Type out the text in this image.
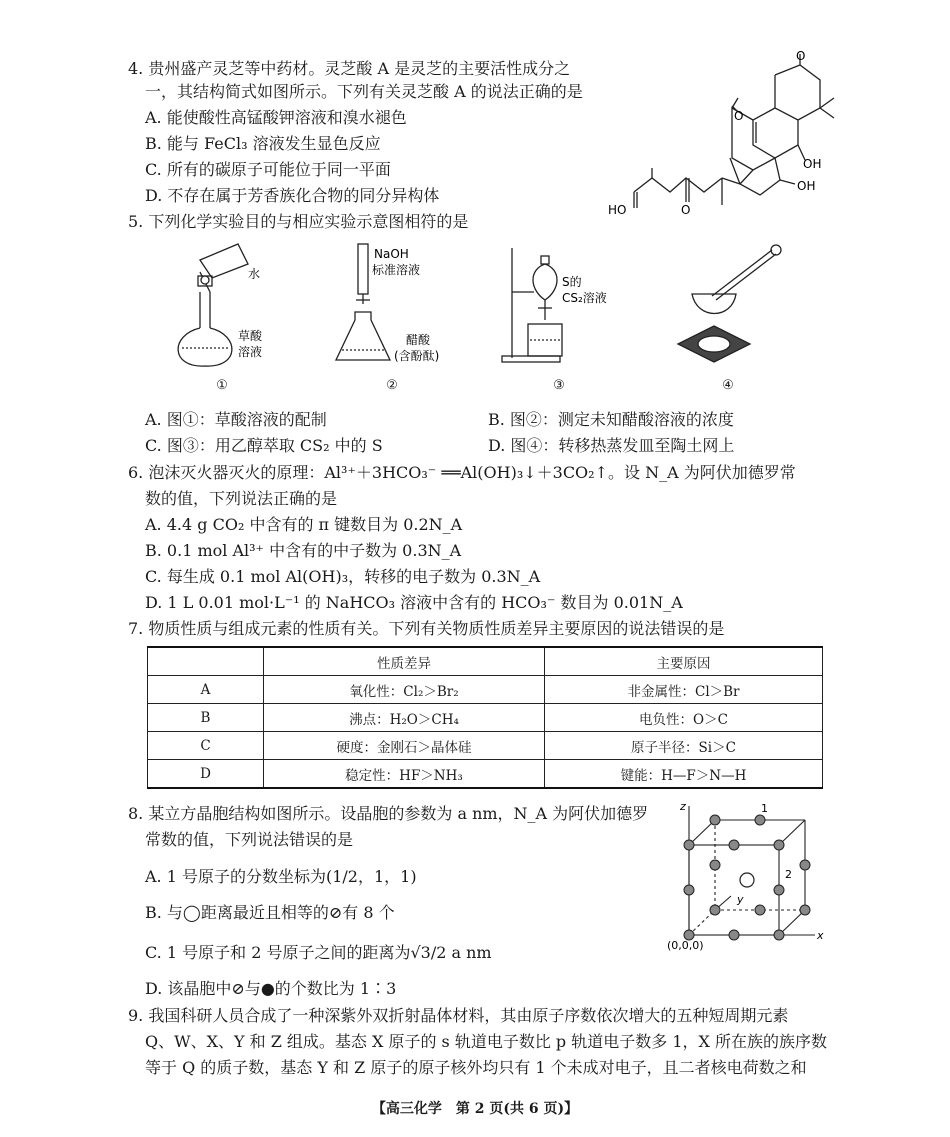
4. 贵州盛产灵芝等中药材。灵芝酸 A 是灵芝的主要活性成分之
一，其结构简式如图所示。下列有关灵芝酸 A 的说法正确的是
A. 能使酸性高锰酸钾溶液和溴水褪色
B. 能与 FeCl₃ 溶液发生显色反应
C. 所有的碳原子可能位于同一平面
D. 不存在属于芳香族化合物的同分异构体
O
O
OH
OH
O
HO
5. 下列化学实验目的与相应实验示意图相符的是
水
草酸
溶液
①
NaOH
标准溶液
醋酸
(含酚酞)
②
S的
CS₂溶液
③	④
A. 图①：草酸溶液的配制	B. 图②：测定未知醋酸溶液的浓度
C. 图③：用乙醇萃取 CS₂ 中的 S	D. 图④：转移热蒸发皿至陶土网上
6. 泡沫灭火器灭火的原理：Al³⁺＋3HCO₃⁻ ══Al(OH)₃↓＋3CO₂↑。设 N_A 为阿伏加德罗常
数的值，下列说法正确的是
A. 4.4 g CO₂ 中含有的 π 键数目为 0.2N_A
B. 0.1 mol Al³⁺ 中含有的中子数为 0.3N_A
C. 每生成 0.1 mol Al(OH)₃，转移的电子数为 0.3N_A
D. 1 L 0.01 mol·L⁻¹ 的 NaHCO₃ 溶液中含有的 HCO₃⁻ 数目为 0.01N_A
7. 物质性质与组成元素的性质有关。下列有关物质性质差异主要原因的说法错误的是
	性质差异	主要原因
A	氧化性：Cl₂＞Br₂	非金属性：Cl＞Br
B	沸点：H₂O＞CH₄	电负性：O＞C
C	硬度：金刚石＞晶体硅	原子半径：Si＞C
D	稳定性：HF＞NH₃	键能：H—F＞N—H
8. 某立方晶胞结构如图所示。设晶胞的参数为 a nm，N_A 为阿伏加德罗
常数的值，下列说法错误的是
A. 1 号原子的分数坐标为(1/2，1，1)
B. 与◯距离最近且相等的⊘有 8 个
C. 1 号原子和 2 号原子之间的距离为√3/2 a nm
D. 该晶胞中⊘与●的个数比为 1∶3
z
y
x
1
2
(0,0,0)
9. 我国科研人员合成了一种深紫外双折射晶体材料，其由原子序数依次增大的五种短周期元素
Q、W、X、Y 和 Z 组成。基态 X 原子的 s 轨道电子数比 p 轨道电子数多 1，X 所在族的族序数
等于 Q 的质子数，基态 Y 和 Z 原子的原子核外均只有 1 个未成对电子，且二者核电荷数之和
【高三化学　第 2 页(共 6 页)】
